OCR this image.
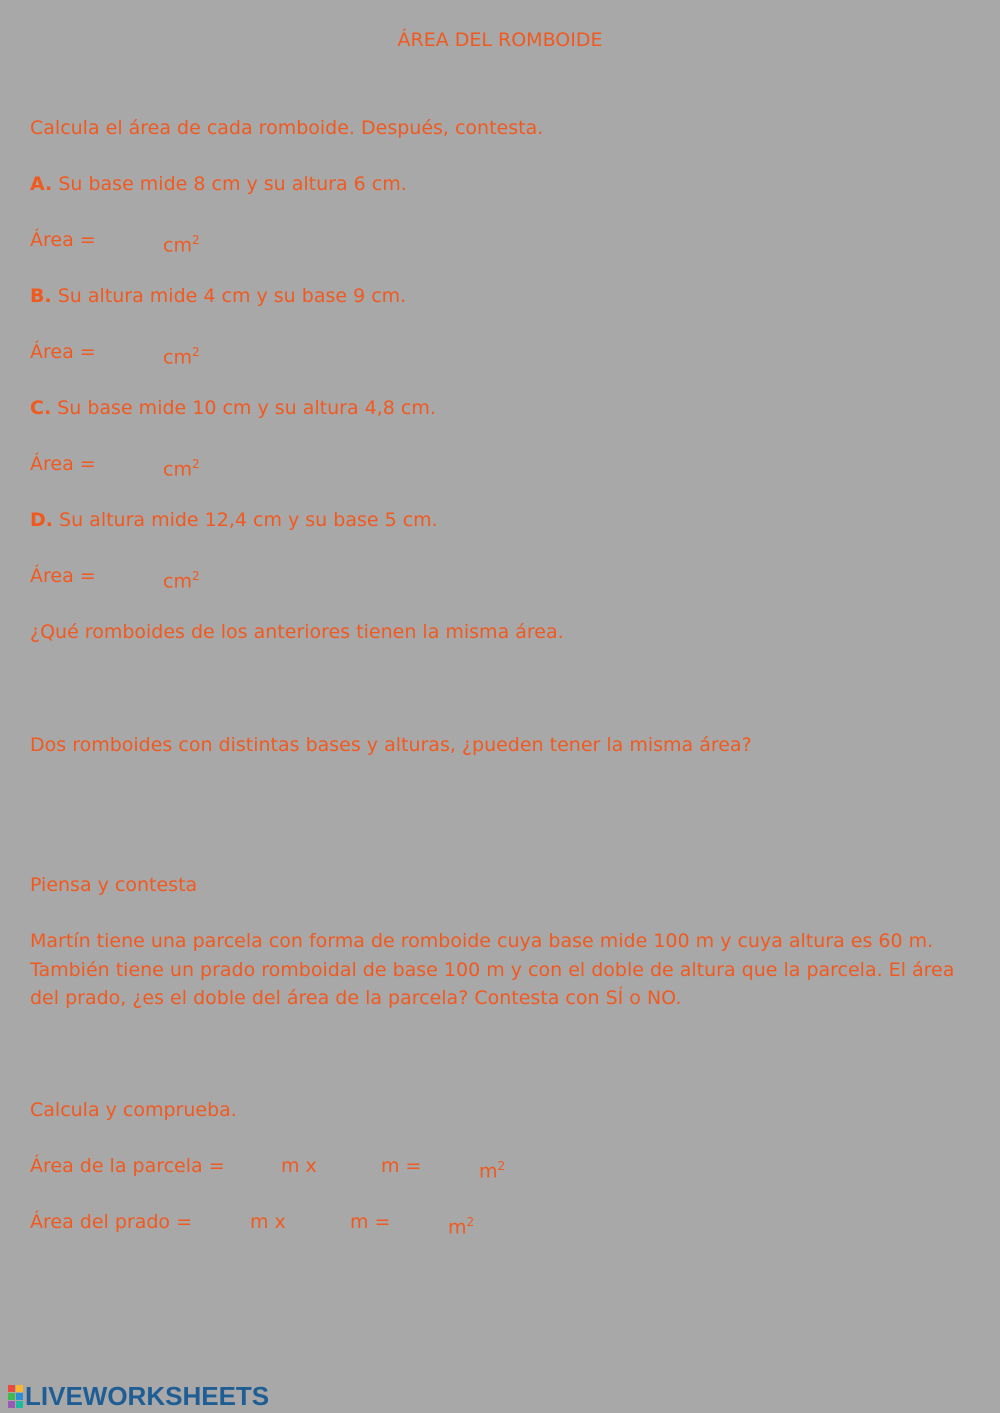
ÁREA DEL ROMBOIDE
Calcula el área de cada romboide. Después, contesta.
A. Su base mide 8 cm y su altura 6 cm.
Área =	$cm^2$
B. Su altura mide 4 cm y su base 9 cm.
Área =	$cm^2$
C. Su base mide 10 cm y su altura 4,8 cm.
Área =	$cm^2$
D. Su altura mide 12,4 cm y su base 5 cm.
Área =	$cm^2$
¿Qué romboides de los anteriores tienen la misma área.
Dos romboides con distintas bases y alturas, ¿pueden tener la misma área?
Piensa y contesta
Martín tiene una parcela con forma de romboide cuya base mide 100 m y cuya altura es 60 m. También tiene un prado romboidal de base 100 m y con el doble de altura que la parcela. El área del prado, ¿es el doble del área de la parcela? Contesta con SÍ o NO.
Calcula y comprueba.
Área de la parcela =	m x	m =	$m^2$
Área del prado =	m x	m =	$m^2$
LIVEWORKSHEETS
